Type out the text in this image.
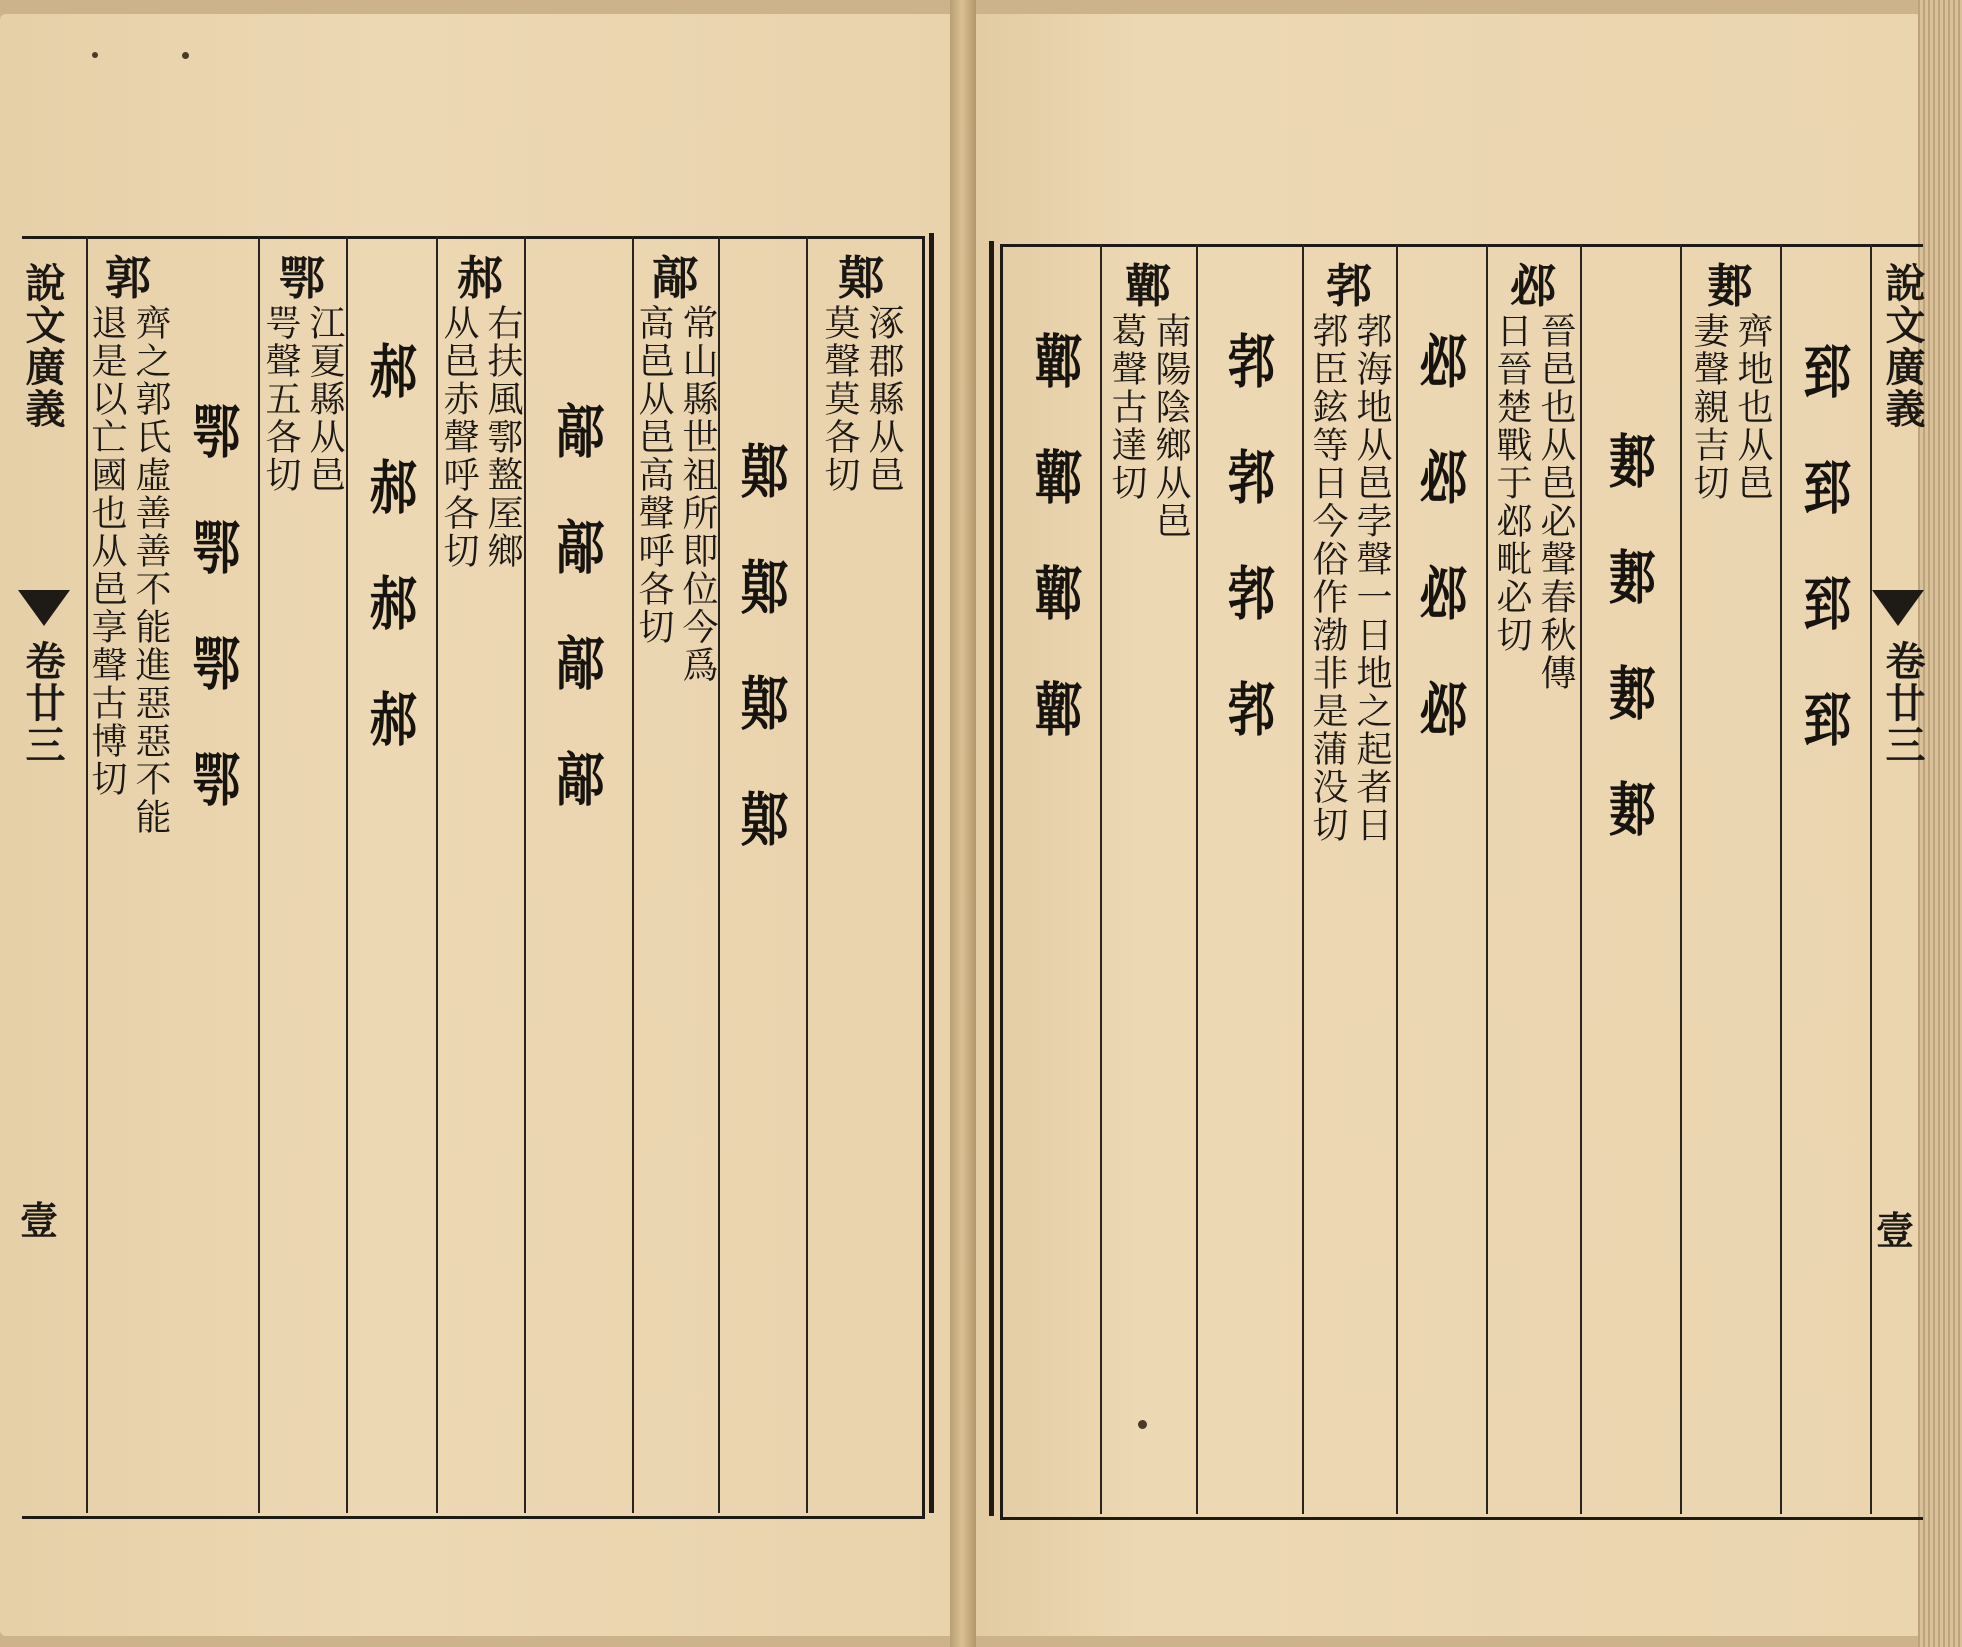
說文廣義
卷廿三
壹
鄚
涿郡縣从邑
莫聲莫各切
鄚
鄚
鄚
鄚
鄗
常山縣世祖所即位今爲
高邑从邑高聲呼各切
鄗
鄗
鄗
鄗
郝
右扶風鄠盩厔鄉
从邑赤聲呼各切
郝
郝
郝
郝
鄂
江夏縣从邑
咢聲五各切
鄂
鄂
鄂
鄂
郭
齊之郭氏虛善善不能進惡惡不能
退是以亡國也从邑享聲古博切	說文廣義
卷廿三
壹
郅
郅
郅
郅
郪
齊地也从邑
妻聲親吉切
郪
郪
郪
郪
邲
晉邑也从邑必聲春秋傳
日晉楚戰于邲毗必切
邲
邲
邲
邲
郣
郣海地从邑孛聲一日地之起者日
郣臣鉉等日今俗作渤非是蒲没切
郣
郣
郣
郣
鄿
南陽陰鄉从邑
葛聲古達切
鄿
鄿
鄿
鄿
